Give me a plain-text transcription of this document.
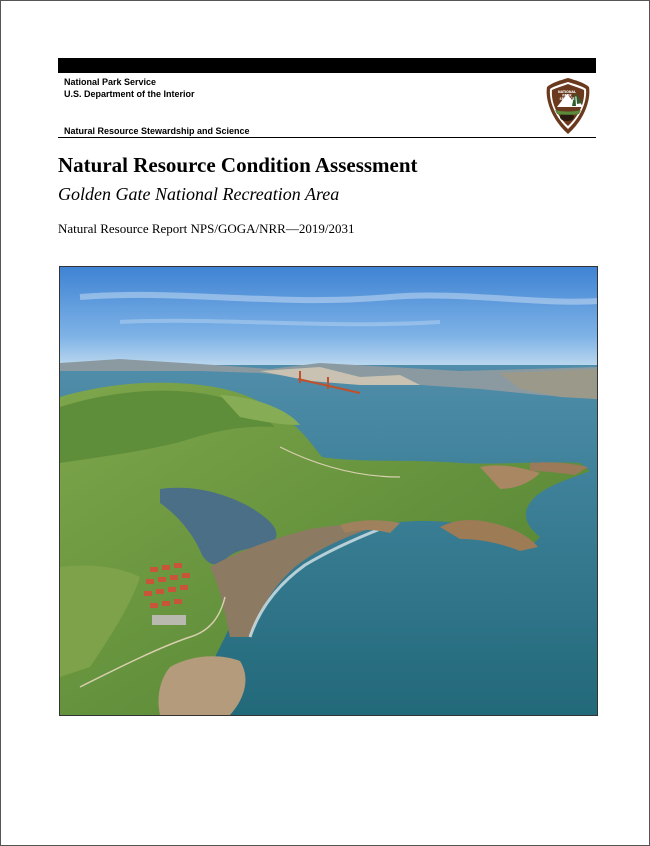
National Park Service
U.S. Department of the Interior	NATIONAL
PARK
SERVICE
Natural Resource Stewardship and Science
Natural Resource Condition Assessment
Golden Gate National Recreation Area
Natural Resource Report NPS/GOGA/NRR—2019/2031
